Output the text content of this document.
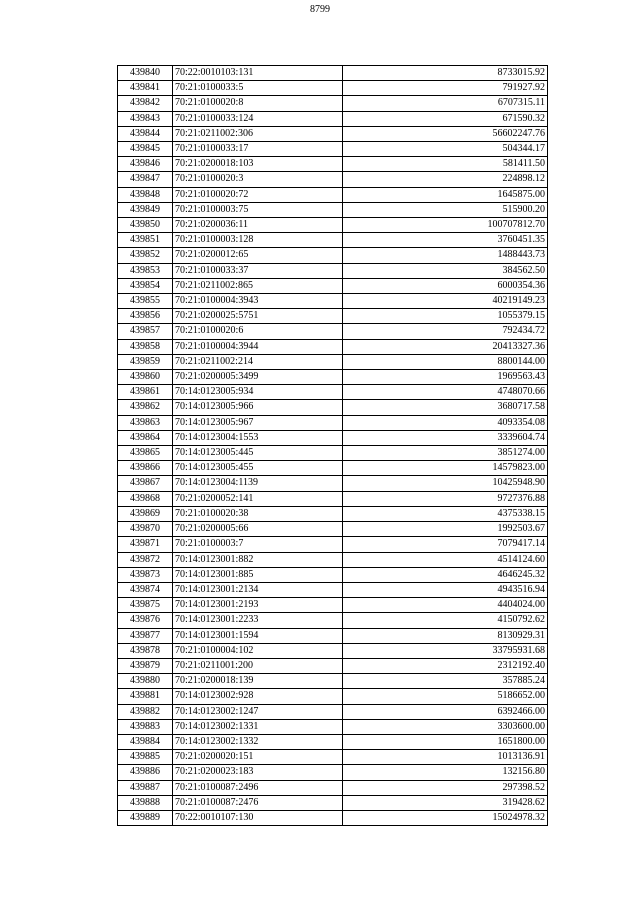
8799
439840	70:22:0010103:131	8733015.92
439841	70:21:0100033:5	791927.92
439842	70:21:0100020:8	6707315.11
439843	70:21:0100033:124	671590.32
439844	70:21:0211002:306	56602247.76
439845	70:21:0100033:17	504344.17
439846	70:21:0200018:103	581411.50
439847	70:21:0100020:3	224898.12
439848	70:21:0100020:72	1645875.00
439849	70:21:0100003:75	515900.20
439850	70:21:0200036:11	100707812.70
439851	70:21:0100003:128	3760451.35
439852	70:21:0200012:65	1488443.73
439853	70:21:0100033:37	384562.50
439854	70:21:0211002:865	6000354.36
439855	70:21:0100004:3943	40219149.23
439856	70:21:0200025:5751	1055379.15
439857	70:21:0100020:6	792434.72
439858	70:21:0100004:3944	20413327.36
439859	70:21:0211002:214	8800144.00
439860	70:21:0200005:3499	1969563.43
439861	70:14:0123005:934	4748070.66
439862	70:14:0123005:966	3680717.58
439863	70:14:0123005:967	4093354.08
439864	70:14:0123004:1553	3339604.74
439865	70:14:0123005:445	3851274.00
439866	70:14:0123005:455	14579823.00
439867	70:14:0123004:1139	10425948.90
439868	70:21:0200052:141	9727376.88
439869	70:21:0100020:38	4375338.15
439870	70:21:0200005:66	1992503.67
439871	70:21:0100003:7	7079417.14
439872	70:14:0123001:882	4514124.60
439873	70:14:0123001:885	4646245.32
439874	70:14:0123001:2134	4943516.94
439875	70:14:0123001:2193	4404024.00
439876	70:14:0123001:2233	4150792.62
439877	70:14:0123001:1594	8130929.31
439878	70:21:0100004:102	33795931.68
439879	70:21:0211001:200	2312192.40
439880	70:21:0200018:139	357885.24
439881	70:14:0123002:928	5186652.00
439882	70:14:0123002:1247	6392466.00
439883	70:14:0123002:1331	3303600.00
439884	70:14:0123002:1332	1651800.00
439885	70:21:0200020:151	1013136.91
439886	70:21:0200023:183	132156.80
439887	70:21:0100087:2496	297398.52
439888	70:21:0100087:2476	319428.62
439889	70:22:0010107:130	15024978.32
